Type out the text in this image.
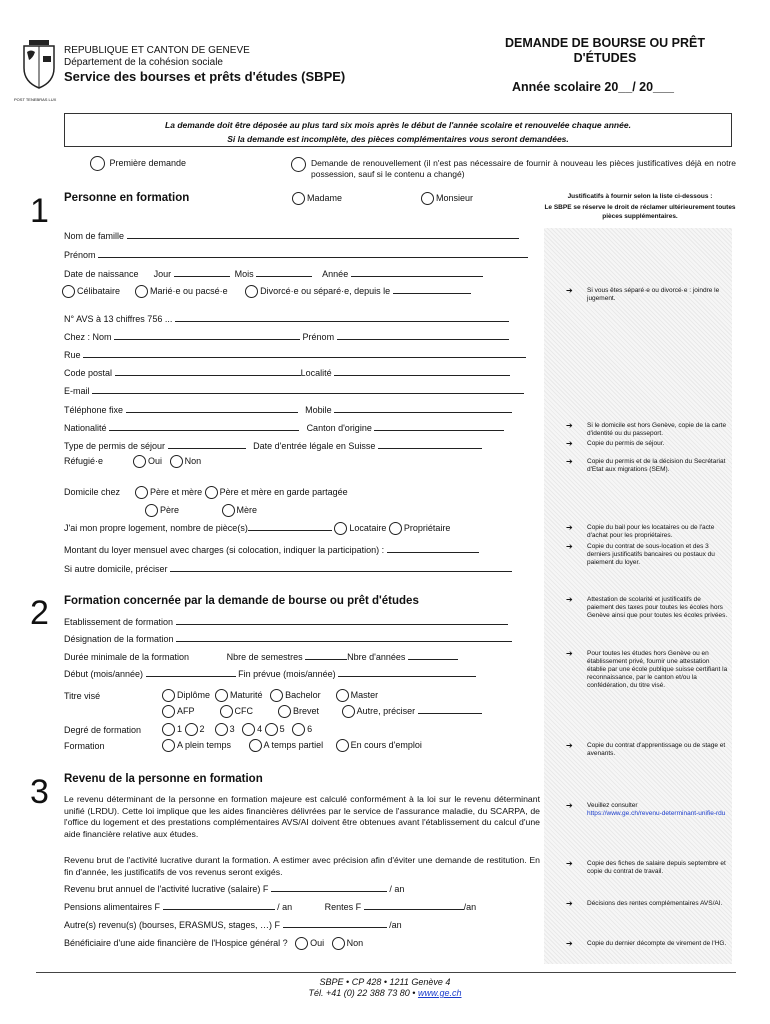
POST TENEBRAS LUX
REPUBLIQUE ET CANTON DE GENEVE
Département de la cohésion sociale
Service des bourses et prêts d'études (SBPE)
DEMANDE DE BOURSE OU PRÊT
D'ÉTUDES
Année scolaire 20__/ 20___
La demande doit être déposée au plus tard six mois après le début de l'année scolaire et renouvelée chaque année.
Si la demande est incomplète, des pièces complémentaires vous seront demandées.
Première demande	Demande de renouvellement (il n'est pas nécessaire de fournir à nouveau les pièces justificatives déjà en notre possession, sauf si le contenu a changé)
Justificatifs à fournir selon la liste ci-dessous :
Le SBPE se réserve le droit de réclamer ultérieurement toutes pièces supplémentaires.
1 Personne en formation	Madame	Monsieur
Nom de famille
Prénom
Date de naissance Jour	Mois	Année
Célibataire	Marié·e ou pacsé·e	Divorcé·e ou séparé·e, depuis le
N° AVS à 13 chiffres 756 ...
Chez : Nom	Prénom
Rue
Code postal	Localité
E-mail
Téléphone fixe	Mobile
Nationalité	Canton d'origine
Type de permis de séjour	Date d'entrée légale en Suisse
Réfugié·e	Oui	Non
Domicile chez	Père et mère Père et mère en garde partagée
Père	Mère
J'ai mon propre logement, nombre de pièce(s)	Locataire Propriétaire
Montant du loyer mensuel avec charges (si colocation, indiquer la participation) :
Si autre domicile, préciser
➔ Si vous êtes séparé·e ou divorcé·e : joindre le jugement.
➔ Si le domicile est hors Genève, copie de la carte d'identité ou du passeport.
➔ Copie du permis de séjour.
➔ Copie du permis et de la décision du Secrétariat d'Etat aux migrations (SEM).
➔ Copie du bail pour les locataires ou de l'acte d'achat pour les propriétaires.
➔ Copie du contrat de sous-location et des 3 derniers justificatifs bancaires ou postaux du paiement du loyer.
➔ Attestation de scolarité et justificatifs de paiement des taxes pour toutes les écoles hors Genève ainsi que pour toutes les écoles privées.
➔ Pour toutes les études hors Genève ou en établissement privé, fournir une attestation établie par une école publique suisse certifiant la reconnaissance, par le canton et/ou la confédération, du titre visé.
➔ Copie du contrat d'apprentissage ou de stage et avenants.
➔ Veuillez consulter
https://www.ge.ch/revenu-determinant-unifie-rdu
➔ Copie des fiches de salaire depuis septembre et copie du contrat de travail.
➔ Décisions des rentes complémentaires AVS/AI.
➔ Copie du dernier décompte de virement de l'HG.
2 Formation concernée par la demande de bourse ou prêt d'études
Etablissement de formation
Désignation de la formation
Durée minimale de la formation	Nbre de semestres	Nbre d'années
Début (mois/année)	Fin prévue (mois/année)
Titre visé	Diplôme Maturité	Bachelor	Master
AFP	CFC	Brevet	Autre, préciser
Degré de formation	1 2	3	4 5	6
Formation	A plein temps	A temps partiel	En cours d'emploi
3 Revenu de la personne en formation
Le revenu déterminant de la personne en formation majeure est calculé conformément à la loi sur le revenu déterminant unifié (LRDU). Cette loi implique que les aides financières délivrées par le service de l'assurance maladie, du SCARPA, de l'office du logement et des prestations complémentaires AVS/AI doivent être obtenues avant l'établissement du calcul d'une aide financière relative aux études.
Revenu brut de l'activité lucrative durant la formation. A estimer avec précision afin d'éviter une demande de restitution. En fin d'année, les justificatifs de vos revenus seront exigés.
Revenu brut annuel de l'activité lucrative (salaire) F	/ an
Pensions alimentaires F	/ an	Rentes F	/an
Autre(s) revenu(s) (bourses, ERASMUS, stages, …) F	/an
Bénéficiaire d'une aide financière de l'Hospice général ?	Oui	Non
SBPE • CP 428 • 1211 Genève 4
Tél. +41 (0) 22 388 73 80 • www.ge.ch
